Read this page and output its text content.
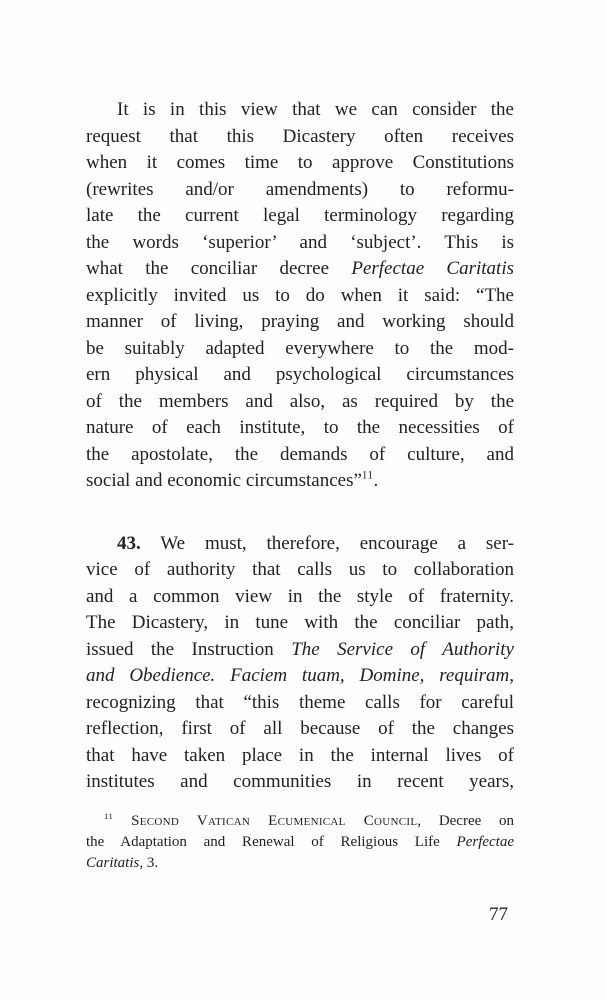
It is in this view that we can consider the
request that this Dicastery often receives
when it comes time to approve Constitutions
(rewrites and/or amendments) to reformu-
late the current legal terminology regarding
the words ‘superior’ and ‘subject’. This is
what the conciliar decree Perfectae Caritatis
explicitly invited us to do when it said: “The
manner of living, praying and working should
be suitably adapted everywhere to the mod-
ern physical and psychological circumstances
of the members and also, as required by the
nature of each institute, to the necessities of
the apostolate, the demands of culture, and
social and economic circumstances”$^{11}$.
43. We must, therefore, encourage a ser-
vice of authority that calls us to collaboration
and a common view in the style of fraternity.
The Dicastery, in tune with the conciliar path,
issued the Instruction The Service of Authority
and Obedience. Faciem tuam, Domine, requiram,
recognizing that “this theme calls for careful
reflection, first of all because of the changes
that have taken place in the internal lives of
institutes and communities in recent years,
$^{11}$ Second Vatican Ecumenical Council, Decree on
the Adaptation and Renewal of Religious Life Perfectae
Caritatis, 3.
77
